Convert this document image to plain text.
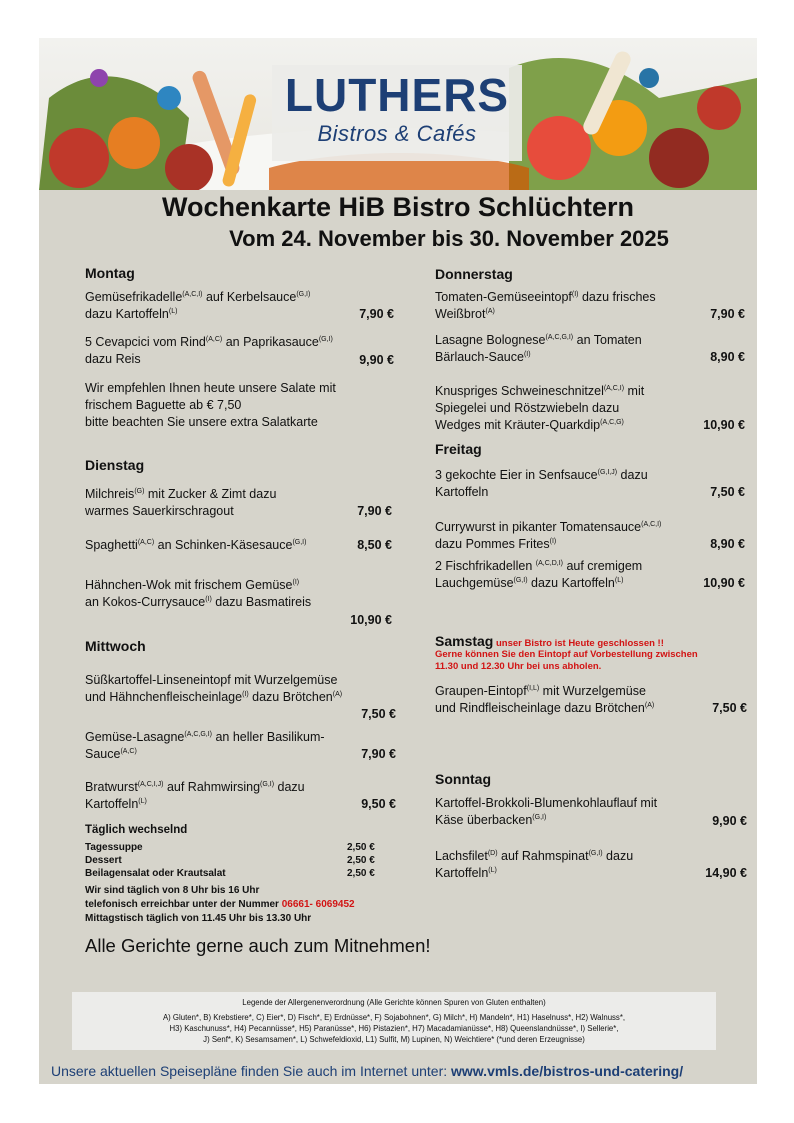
LUTHERS
Bistros & Cafés
Wochenkarte HiB Bistro Schlüchtern
Vom 24. November bis 30. November 2025
Montag
Gemüsefrikadelle$^{(A,C,I)}$ auf Kerbelsauce$^{(G,I)}$
dazu Kartoffeln$^{(L)}$	7,90 €
5 Cevapcici vom Rind$^{(A,C)}$ an Paprikasauce$^{(G,I)}$
dazu Reis	9,90 €
Wir empfehlen Ihnen heute unsere Salate mit
frischem Baguette ab € 7,50
bitte beachten Sie unsere extra Salatkarte
Dienstag
Milchreis$^{(G)}$ mit Zucker & Zimt dazu
warmes Sauerkirschragout	7,90 €
Spaghetti$^{(A,C)}$ an Schinken-Käsesauce$^{(G,I)}$	8,50 €
Hähnchen-Wok mit frischem Gemüse$^{(I)}$
an Kokos-Currysauce$^{(I)}$ dazu Basmatireis
10,90 €
Mittwoch
Süßkartoffel-Linseneintopf mit Wurzelgemüse
und Hähnchenfleischeinlage$^{(I)}$ dazu Brötchen$^{(A)}$
7,50 €
Gemüse-Lasagne$^{(A,C,G,I)}$ an heller Basilikum-
Sauce$^{(A,C)}$	7,90 €
Bratwurst$^{(A,C,I,J)}$ auf Rahmwirsing$^{(G,I)}$ dazu
Kartoffeln$^{(L)}$	9,50 €
Täglich wechselnd
Tagessuppe	2,50 €
Dessert	2,50 €
Beilagensalat oder Krautsalat	2,50 €
Wir sind täglich von 8 Uhr bis 16 Uhr
telefonisch erreichbar unter der Nummer 06661- 6069452
Mittagstisch täglich von 11.45 Uhr bis 13.30 Uhr
Alle Gerichte gerne auch zum Mitnehmen!
Donnerstag
Tomaten-Gemüseeintopf$^{(I)}$ dazu frisches
Weißbrot$^{(A)}$	7,90 €
Lasagne Bolognese$^{(A,C,G,I)}$ an Tomaten
Bärlauch-Sauce$^{(I)}$	8,90 €
Knuspriges Schweineschnitzel$^{(A,C,I)}$ mit
Spiegelei und Röstzwiebeln dazu
Wedges mit Kräuter-Quarkdip$^{(A,C,G)}$	10,90 €
Freitag
3 gekochte Eier in Senfsauce$^{(G,I,J)}$ dazu
Kartoffeln	7,50 €
Currywurst in pikanter Tomatensauce$^{(A,C,I)}$
dazu Pommes Frites$^{(I)}$	8,90 €
2 Fischfrikadellen $^{(A,C,D,I)}$ auf cremigem
Lauchgemüse$^{(G,I)}$ dazu Kartoffeln$^{(L)}$	10,90 €
Samstag unser Bistro ist Heute geschlossen !!
Gerne können Sie den Eintopf auf Vorbestellung zwischen
11.30 und 12.30 Uhr bei uns abholen.
Graupen-Eintopf$^{(I,L)}$ mit Wurzelgemüse
und Rindfleischeinlage dazu Brötchen$^{(A)}$	7,50 €
Sonntag
Kartoffel-Brokkoli-Blumenkohlauflauf mit
Käse überbacken$^{(G,I)}$	9,90 €
Lachsfilet$^{(D)}$ auf Rahmspinat$^{(G,I)}$ dazu
Kartoffeln$^{(L)}$	14,90 €
Legende der Allergenenverordnung (Alle Gerichte können Spuren von Gluten enthalten)
A) Gluten*, B) Krebstiere*, C) Eier*, D) Fisch*, E) Erdnüsse*, F) Sojabohnen*, G) Milch*, H) Mandeln*, H1) Haselnuss*, H2) Walnuss*,
H3) Kaschunuss*, H4) Pecannüsse*, H5) Paranüsse*, H6) Pistazien*, H7) Macadamianüsse*, H8) Queenslandnüsse*, I) Sellerie*,
J) Senf*, K) Sesamsamen*, L) Schwefeldioxid, L1) Sulfit, M) Lupinen, N) Weichtiere* (*und deren Erzeugnisse)
Unsere aktuellen Speisepläne finden Sie auch im Internet unter: www.vmls.de/bistros-und-catering/
